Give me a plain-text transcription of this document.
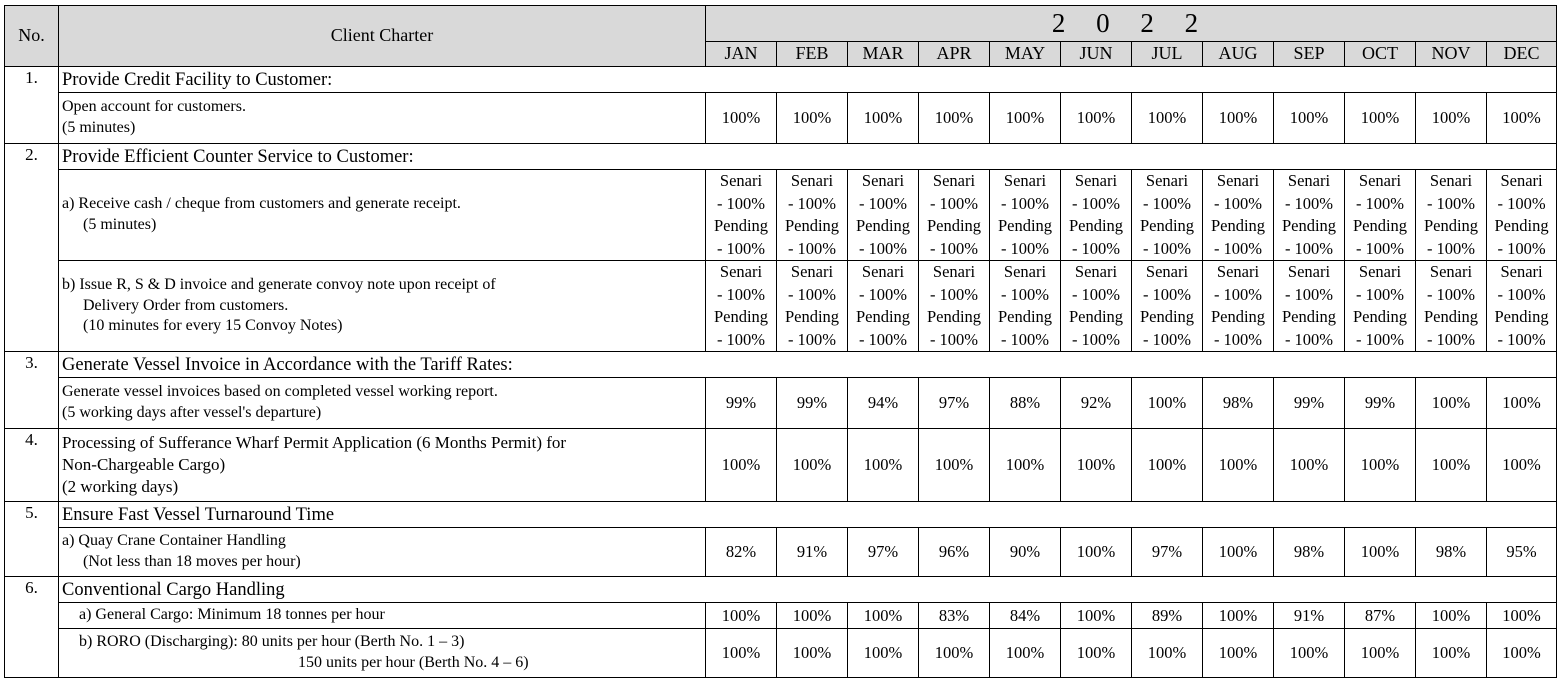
No.	Client Charter	2 0 2 2											
		JAN	FEB	MAR	APR	MAY	JUN	JUL	AUG	SEP	OCT	NOV	DEC
1.	Provide Credit Facility to Customer:												

	Open account for customers.
(5 minutes)	100%	100%	100%	100%	100%	100%	100%	100%	100%	100%	100%	100%
2.	Provide Efficient Counter Service to Customer:												

	a) Receive cash / cheque from customers and generate receipt.
(5 minutes)	Senari
- 100%
Pending
- 100%	Senari
- 100%
Pending
- 100%	Senari
- 100%
Pending
- 100%	Senari
- 100%
Pending
- 100%	Senari
- 100%
Pending
- 100%	Senari
- 100%
Pending
- 100%	Senari
- 100%
Pending
- 100%	Senari
- 100%
Pending
- 100%	Senari
- 100%
Pending
- 100%	Senari
- 100%
Pending
- 100%	Senari
- 100%
Pending
- 100%	Senari
- 100%
Pending
- 100%

	b) Issue R, S & D invoice and generate convoy note upon receipt of
Delivery Order from customers.
(10 minutes for every 15 Convoy Notes)	Senari
- 100%
Pending
- 100%	Senari
- 100%
Pending
- 100%	Senari
- 100%
Pending
- 100%	Senari
- 100%
Pending
- 100%	Senari
- 100%
Pending
- 100%	Senari
- 100%
Pending
- 100%	Senari
- 100%
Pending
- 100%	Senari
- 100%
Pending
- 100%	Senari
- 100%
Pending
- 100%	Senari
- 100%
Pending
- 100%	Senari
- 100%
Pending
- 100%	Senari
- 100%
Pending
- 100%

3.	Generate Vessel Invoice in Accordance with the Tariff Rates:												

	Generate vessel invoices based on completed vessel working report.
(5 working days after vessel's departure)	99%	99%	94%	97%	88%	92%	100%	98%	99%	99%	100%	100%
4.	Processing of Sufferance Wharf Permit Application (6 Months Permit) for
Non-Chargeable Cargo)
(2 working days)	100%	100%	100%	100%	100%	100%	100%	100%	100%	100%	100%	100%
5.	Ensure Fast Vessel Turnaround Time												

	a) Quay Crane Container Handling
(Not less than 18 moves per hour)	82%	91%	97%	96%	90%	100%	97%	100%	98%	100%	98%	95%
6.	Conventional Cargo Handling												

	a) General Cargo: Minimum 18 tonnes per hour	100%	100%	100%	83%	84%	100%	89%	100%	91%	87%	100%	100%

	b) RORO (Discharging): 80 units per hour (Berth No. 1 – 3)
150 units per hour (Berth No. 4 – 6)	100%	100%	100%	100%	100%	100%	100%	100%	100%	100%	100%	100%
